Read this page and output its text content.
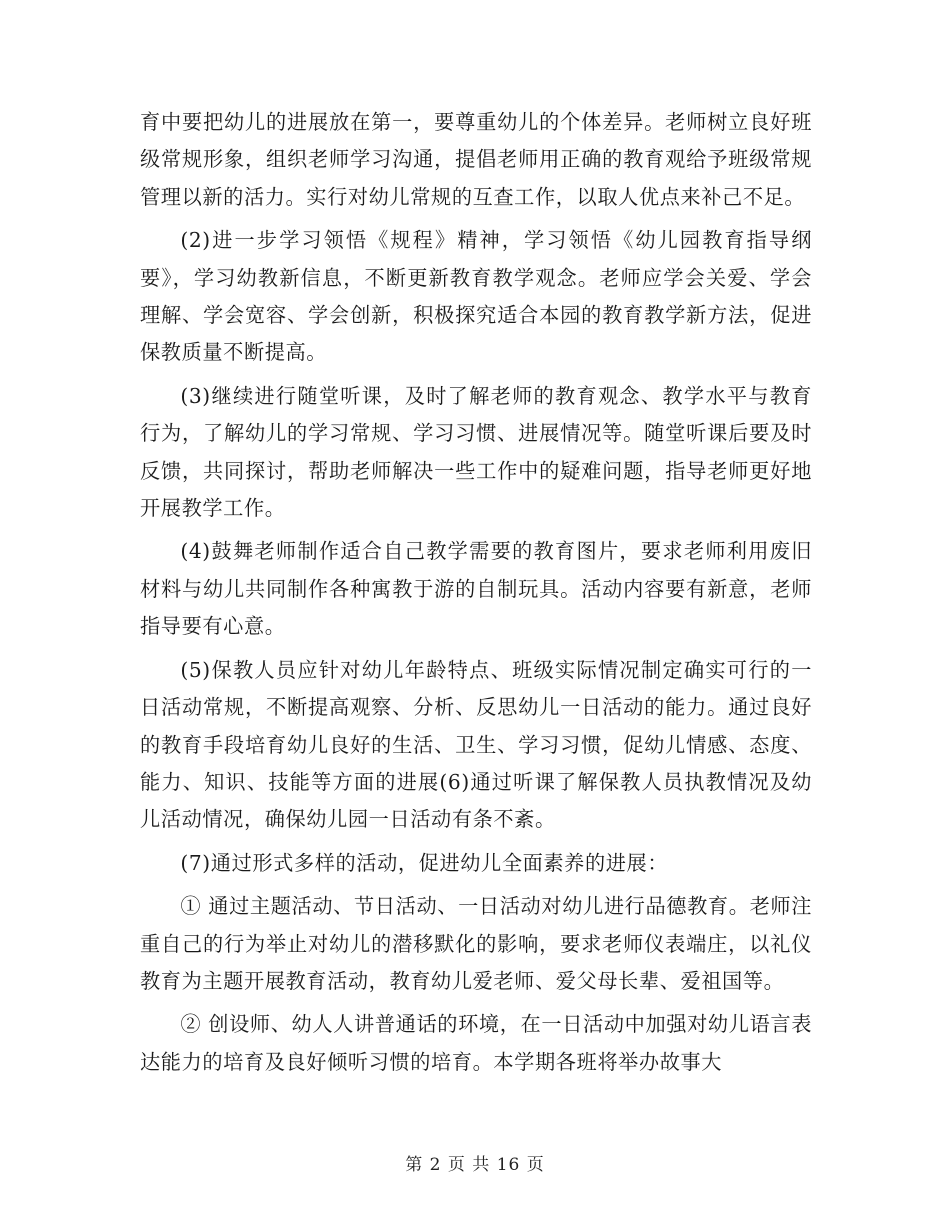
育中要把幼儿的进展放在第一，要尊重幼儿的个体差异。老师树立良好班级常规形象，组织老师学习沟通，提倡老师用正确的教育观给予班级常规管理以新的活力。实行对幼儿常规的互查工作，以取人优点来补己不足。

(2)进一步学习领悟《规程》精神，学习领悟《幼儿园教育指导纲要》，学习幼教新信息，不断更新教育教学观念。老师应学会关爱、学会理解、学会宽容、学会创新，积极探究适合本园的教育教学新方法，促进保教质量不断提高。

(3)继续进行随堂听课，及时了解老师的教育观念、教学水平与教育行为，了解幼儿的学习常规、学习习惯、进展情况等。随堂听课后要及时反馈，共同探讨，帮助老师解决一些工作中的疑难问题，指导老师更好地开展教学工作。

(4)鼓舞老师制作适合自己教学需要的教育图片，要求老师利用废旧材料与幼儿共同制作各种寓教于游的自制玩具。活动内容要有新意，老师指导要有心意。

(5)保教人员应针对幼儿年龄特点、班级实际情况制定确实可行的一日活动常规，不断提高观察、分析、反思幼儿一日活动的能力。通过良好的教育手段培育幼儿良好的生活、卫生、学习习惯，促幼儿情感、态度、能力、知识、技能等方面的进展(6)通过听课了解保教人员执教情况及幼儿活动情况，确保幼儿园一日活动有条不紊。

(7)通过形式多样的活动，促进幼儿全面素养的进展：

① 通过主题活动、节日活动、一日活动对幼儿进行品德教育。老师注重自己的行为举止对幼儿的潜移默化的影响，要求老师仪表端庄，以礼仪教育为主题开展教育活动，教育幼儿爱老师、爱父母长辈、爱祖国等。

② 创设师、幼人人讲普通话的环境，在一日活动中加强对幼儿语言表达能力的培育及良好倾听习惯的培育。本学期各班将举办故事大

第 2 页 共 16 页
